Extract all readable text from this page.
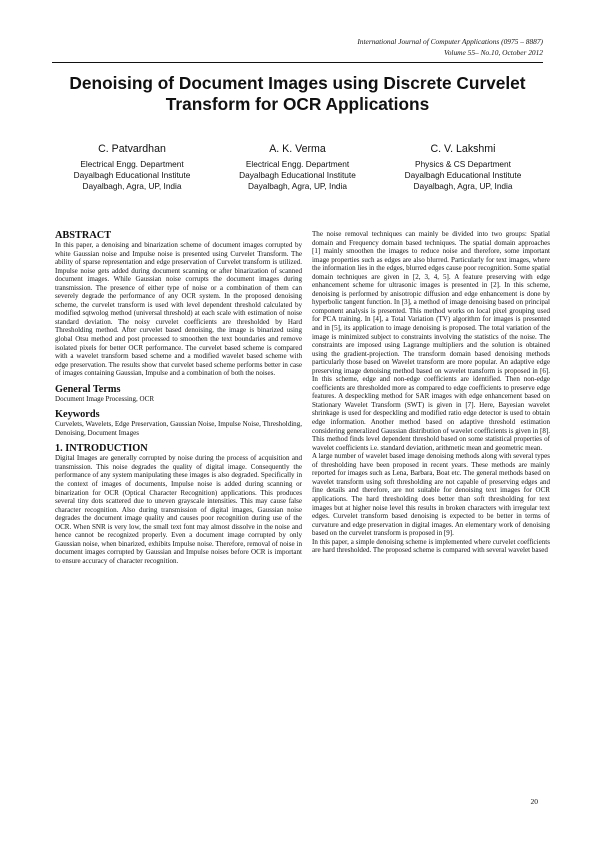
International Journal of Computer Applications (0975 – 8887)
Volume 55– No.10, October 2012
Denoising of Document Images using Discrete Curvelet Transform for OCR Applications
C. Patvardhan
Electrical Engg. Department
Dayalbagh Educational Institute
Dayalbagh, Agra, UP, India
A. K. Verma
Electrical Engg. Department
Dayalbagh Educational Institute
Dayalbagh, Agra, UP, India
C. V. Lakshmi
Physics & CS Department
Dayalbagh Educational Institute
Dayalbagh, Agra, UP, India
ABSTRACT

In this paper, a denoising and binarization scheme of document images corrupted by white Gaussian noise and Impulse noise is presented using Curvelet Transform. The ability of sparse representation and edge preservation of Curvelet transform is utilized. Impulse noise gets added during document scanning or after binarization of scanned document images. While Gaussian noise corrupts the document images during transmission. The presence of either type of noise or a combination of them can severely degrade the performance of any OCR system. In the proposed denoising scheme, the curvelet transform is used with level dependent threshold calculated by modified sqtwolog method (universal threshold) at each scale with estimation of noise standard deviation. The noisy curvelet coefficients are thresholded by Hard Thresholding method. After curvelet based denoising, the image is binarized using global Otsu method and post processed to smoothen the text boundaries and remove isolated pixels for better OCR performance. The curvelet based scheme is compared with a wavelet transform based scheme and a modified wavelet based scheme with edge preservation. The results show that curvelet based scheme performs better in case of images containing Gaussian, Impulse and a combination of both the noises.

General Terms

Document Image Processing, OCR

Keywords

Curvelets, Wavelets, Edge Preservation, Gaussian Noise, Impulse Noise, Thresholding, Denoising, Document Images

1. INTRODUCTION

Digital Images are generally corrupted by noise during the process of acquisition and transmission. This noise degrades the quality of digital image. Consequently the performance of any system manipulating these images is also degraded. Specifically in the context of images of documents, Impulse noise is added during scanning or binarization for OCR (Optical Character Recognition) applications. This produces several tiny dots scattered due to uneven grayscale intensities. This may cause false character recognition. Also during transmission of digital images, Gaussian noise degrades the document image quality and causes poor recognition during use of the OCR. When SNR is very low, the small text font may almost dissolve in the noise and hence cannot be recognized properly. Even a document image corrupted by only Gaussian noise, when binarized, exhibits Impulse noise. Therefore, removal of noise in document images corrupted by Gaussian and Impulse noises before OCR is important to ensure accuracy of character recognition.

The noise removal techniques can mainly be divided into two groups: Spatial domain and Frequency domain based techniques. The spatial domain approaches [1] mainly smoothen the images to reduce noise and therefore, some important image properties such as edges are also blurred. Particularly for text images, where the information lies in the edges, blurred edges cause poor recognition. Some spatial domain techniques are given in [2, 3, 4, 5]. A feature preserving with edge enhancement scheme for ultrasonic images is presented in [2]. In this scheme, denoising is performed by anisotropic diffusion and edge enhancement is done by hyperbolic tangent function. In [3], a method of image denoising based on principal component analysis is presented. This method works on local pixel grouping used for PCA training. In [4], a Total Variation (TV) algorithm for images is presented and in [5], its application to image denoising is proposed. The total variation of the image is minimized subject to constraints involving the statistics of the noise. The constraints are imposed using Lagrange multipliers and the solution is obtained using the gradient-projection. The transform domain based denoising methods particularly those based on Wavelet transform are more popular. An adaptive edge preserving image denoising method based on wavelet transform is proposed in [6]. In this scheme, edge and non-edge coefficients are identified. Then non-edge coefficients are thresholded more as compared to edge coefficients to preserve edge features. A despeckling method for SAR images with edge enhancement based on Stationary Wavelet Transform (SWT) is given in [7]. Here, Bayesian wavelet shrinkage is used for despeckling and modified ratio edge detector is used to obtain edge information. Another method based on adaptive threshold estimation considering generalized Gaussian distribution of wavelet coefficients is given in [8]. This method finds level dependent threshold based on some statistical properties of wavelet coefficients i.e. standard deviation, arithmetic mean and geometric mean.

A large number of wavelet based image denoising methods along with several types of thresholding have been proposed in recent years. These methods are mainly reported for images such as Lena, Barbara, Boat etc. The general methods based on wavelet transform using soft thresholding are not capable of preserving edges and fine details and therefore, are not suitable for denoising text images for OCR applications. The hard thresholding does better than soft thresholding for text images but at higher noise level this results in broken characters with irregular text edges. Curvelet transform based denoising is expected to be better in terms of curvature and edge preservation in digital images. An elementary work of denoising based on the curvelet transform is proposed in [9].

In this paper, a simple denoising scheme is implemented where curvelet coefficients are hard thresholded. The proposed scheme is compared with several wavelet based

20
